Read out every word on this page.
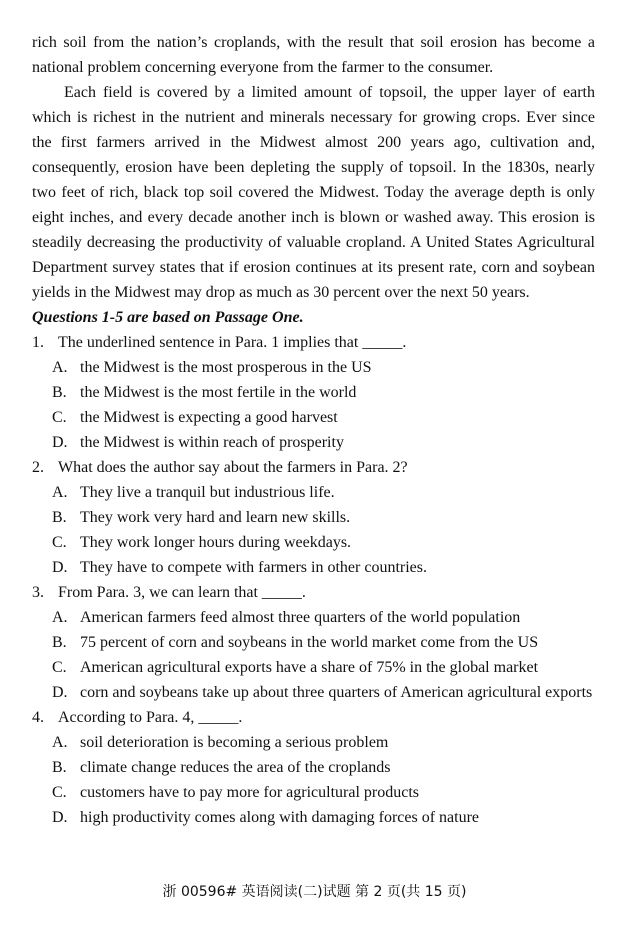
rich soil from the nation’s croplands, with the result that soil erosion has become a national problem concerning everyone from the farmer to the consumer.

Each field is covered by a limited amount of topsoil, the upper layer of earth which is richest in the nutrient and minerals necessary for growing crops. Ever since the first farmers arrived in the Midwest almost 200 years ago, cultivation and, consequently, erosion have been depleting the supply of topsoil. In the 1830s, nearly two feet of rich, black top soil covered the Midwest. Today the average depth is only eight inches, and every decade another inch is blown or washed away. This erosion is steadily decreasing the productivity of valuable cropland. A United States Agricultural Department survey states that if erosion continues at its present rate, corn and soybean yields in the Midwest may drop as much as 30 percent over the next 50 years.

Questions 1-5 are based on Passage One.

1. The underlined sentence in Para. 1 implies that _____.

A. the Midwest is the most prosperous in the US

B. the Midwest is the most fertile in the world

C. the Midwest is expecting a good harvest

D. the Midwest is within reach of prosperity

2. What does the author say about the farmers in Para. 2?

A. They live a tranquil but industrious life.

B. They work very hard and learn new skills.

C. They work longer hours during weekdays.

D. They have to compete with farmers in other countries.

3. From Para. 3, we can learn that _____.

A. American farmers feed almost three quarters of the world population

B. 75 percent of corn and soybeans in the world market come from the US

C. American agricultural exports have a share of 75% in the global market

D. corn and soybeans take up about three quarters of American agricultural exports

4. According to Para. 4, _____.

A. soil deterioration is becoming a serious problem

B. climate change reduces the area of the croplands

C. customers have to pay more for agricultural products

D. high productivity comes along with damaging forces of nature

浙 00596# 英语阅读(二)试题 第 2 页(共 15 页)
